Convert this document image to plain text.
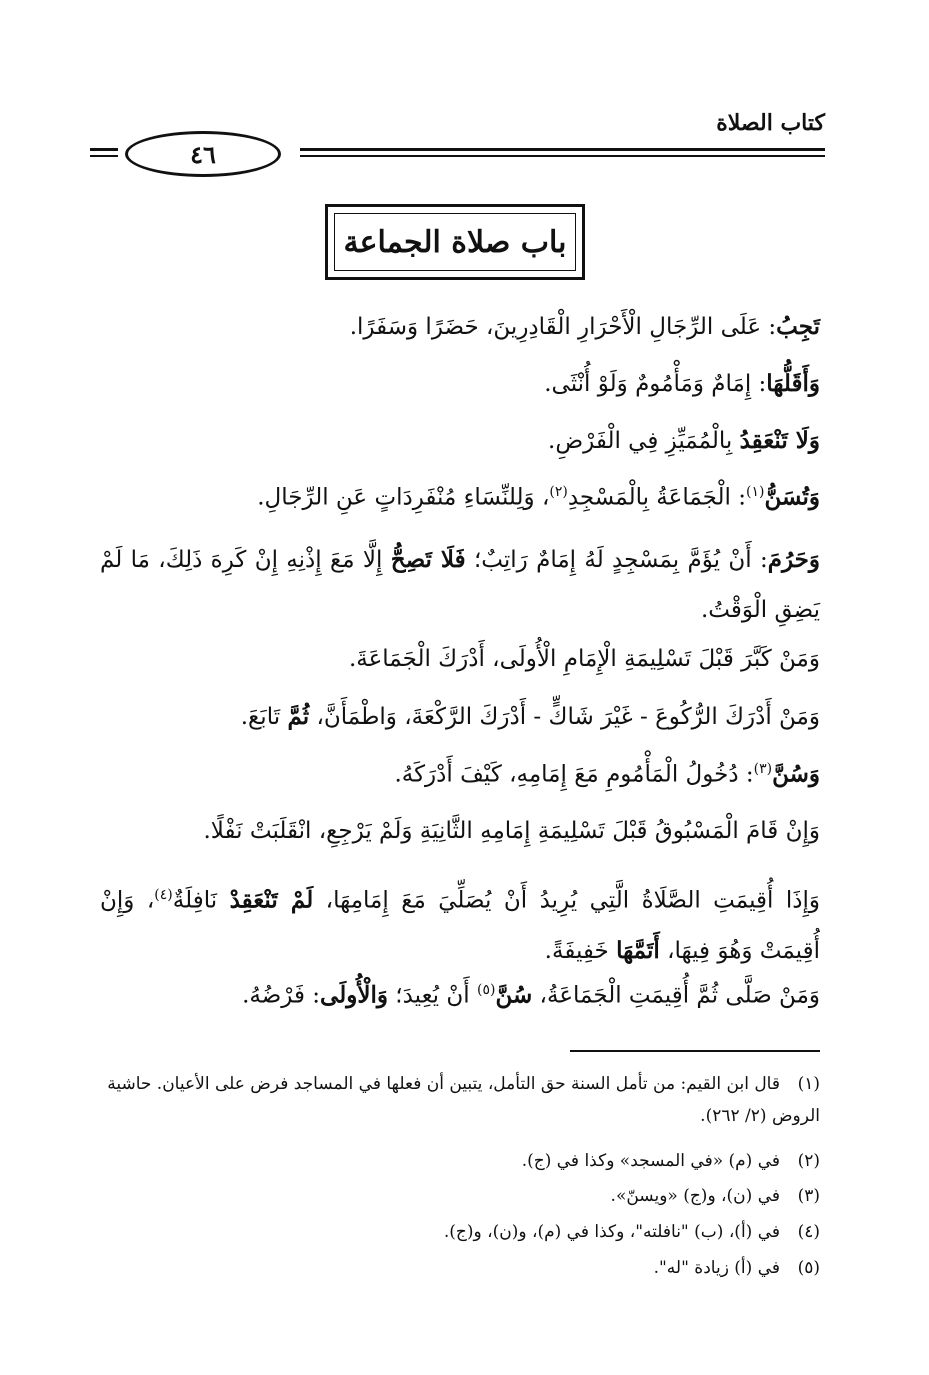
كتاب الصلاة
٤٦
باب صلاة الجماعة
تَجِبُ: عَلَى الرِّجَالِ الْأَحْرَارِ الْقَادِرِينَ، حَضَرًا وَسَفَرًا.
وَأَقَلُّهَا: إِمَامٌ وَمَأْمُومٌ وَلَوْ أُنْثَى.
وَلَا تَنْعَقِدُ بِالْمُمَيِّزِ فِي الْفَرْضِ.
وَتُسَنُّ$^{(١)}$: الْجَمَاعَةُ بِالْمَسْجِدِ$^{(٢)}$، وَلِلنِّسَاءِ مُنْفَرِدَاتٍ عَنِ الرِّجَالِ.
وَحَرُمَ: أَنْ يُؤَمَّ بِمَسْجِدٍ لَهُ إِمَامٌ رَاتِبٌ؛ فَلَا تَصِحُّ إِلَّا مَعَ إِذْنِهِ إِنْ كَرِهَ ذَلِكَ، مَا لَمْ يَضِقِ الْوَقْتُ.
وَمَنْ كَبَّرَ قَبْلَ تَسْلِيمَةِ الْإِمَامِ الْأُولَى، أَدْرَكَ الْجَمَاعَةَ.
وَمَنْ أَدْرَكَ الرُّكُوعَ - غَيْرَ شَاكٍّ - أَدْرَكَ الرَّكْعَةَ، وَاطْمَأَنَّ، ثُمَّ تَابَعَ.
وَسُنَّ$^{(٣)}$: دُخُولُ الْمَأْمُومِ مَعَ إِمَامِهِ، كَيْفَ أَدْرَكَهُ.
وَإِنْ قَامَ الْمَسْبُوقُ قَبْلَ تَسْلِيمَةِ إِمَامِهِ الثَّانِيَةِ وَلَمْ يَرْجِعِ، انْقَلَبَتْ نَفْلًا.
وَإِذَا أُقِيمَتِ الصَّلَاةُ الَّتِي يُرِيدُ أَنْ يُصَلِّيَ مَعَ إِمَامِهَا، لَمْ تَنْعَقِدْ نَافِلَةٌ$^{(٤)}$، وَإِنْ أُقِيمَتْ وَهُوَ فِيهَا، أَتَمَّهَا خَفِيفَةً.
وَمَنْ صَلَّى ثُمَّ أُقِيمَتِ الْجَمَاعَةُ، سُنَّ$^{(٥)}$ أَنْ يُعِيدَ؛ وَالْأُولَى: فَرْضُهُ.
(١)قال ابن القيم: من تأمل السنة حق التأمل، يتبين أن فعلها في المساجد فرض على الأعيان. حاشية الروض (٢/ ٢٦٢).
(٢)في (م) «في المسجد» وكذا في (ج).
(٣)في (ن)، و(ج) «ويسنّ».
(٤)في (أ)، (ب) "نافلته"، وكذا في (م)، و(ن)، و(ج).
(٥)في (أ) زيادة "له".
